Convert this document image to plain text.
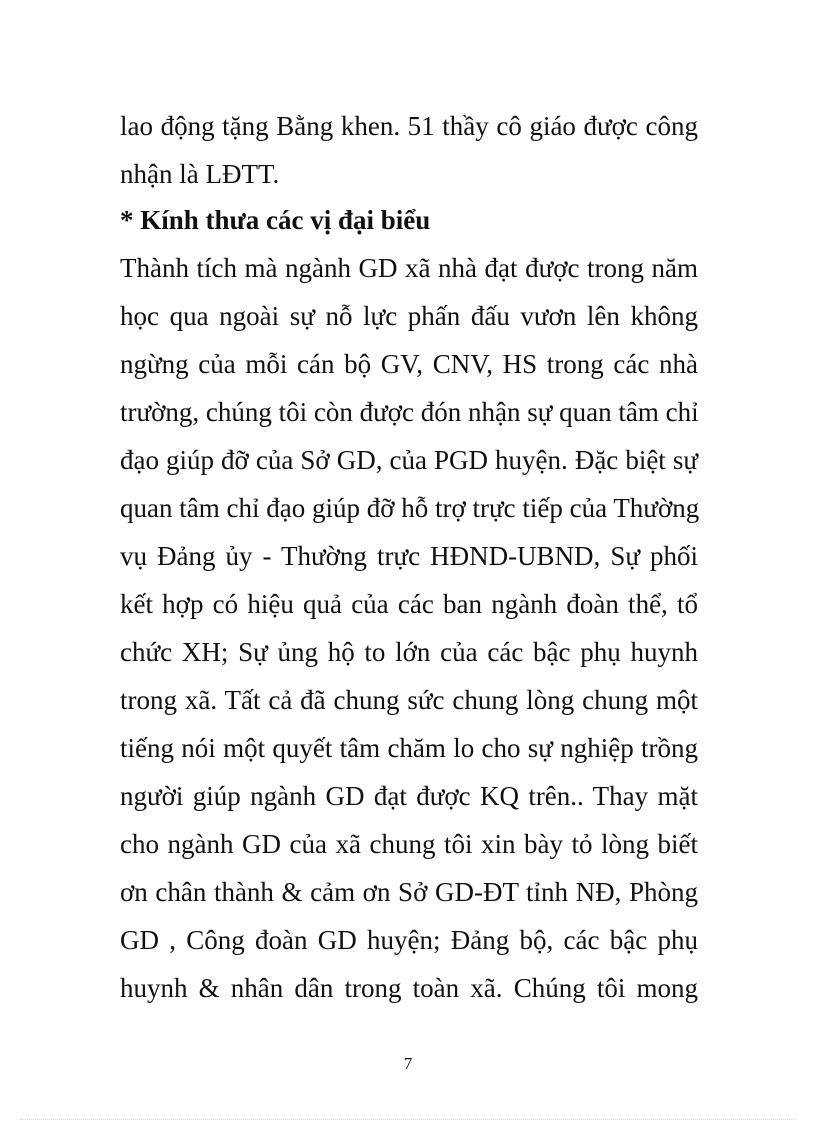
lao động tặng Bằng khen. 51 thầy cô giáo được công
nhận là LĐTT.
* Kính thưa các vị đại biểu
Thành tích mà ngành GD xã nhà đạt được trong năm
học qua ngoài sự nỗ lực phấn đấu vươn lên không
ngừng của mỗi cán bộ GV, CNV, HS trong các nhà
trường, chúng tôi còn được đón nhận sự quan tâm chỉ
đạo giúp đỡ của Sở GD, của PGD huyện. Đặc biệt sự
quan tâm chỉ đạo giúp đỡ hỗ trợ trực tiếp của Thường
vụ Đảng ủy - Thường trực HĐND-UBND, Sự phối
kết hợp có hiệu quả của các ban ngành đoàn thể, tổ
chức XH; Sự ủng hộ to lớn của các bậc phụ huynh
trong xã. Tất cả đã chung sức chung lòng chung một
tiếng nói một quyết tâm chăm lo cho sự nghiệp trồng
người giúp ngành GD đạt được KQ trên.. Thay mặt
cho ngành GD của xã chung tôi xin bày tỏ lòng biết
ơn chân thành & cảm ơn Sở GD-ĐT tỉnh NĐ, Phòng
GD , Công đoàn GD huyện; Đảng bộ, các bậc phụ
huynh & nhân dân trong toàn xã. Chúng tôi mong
7
